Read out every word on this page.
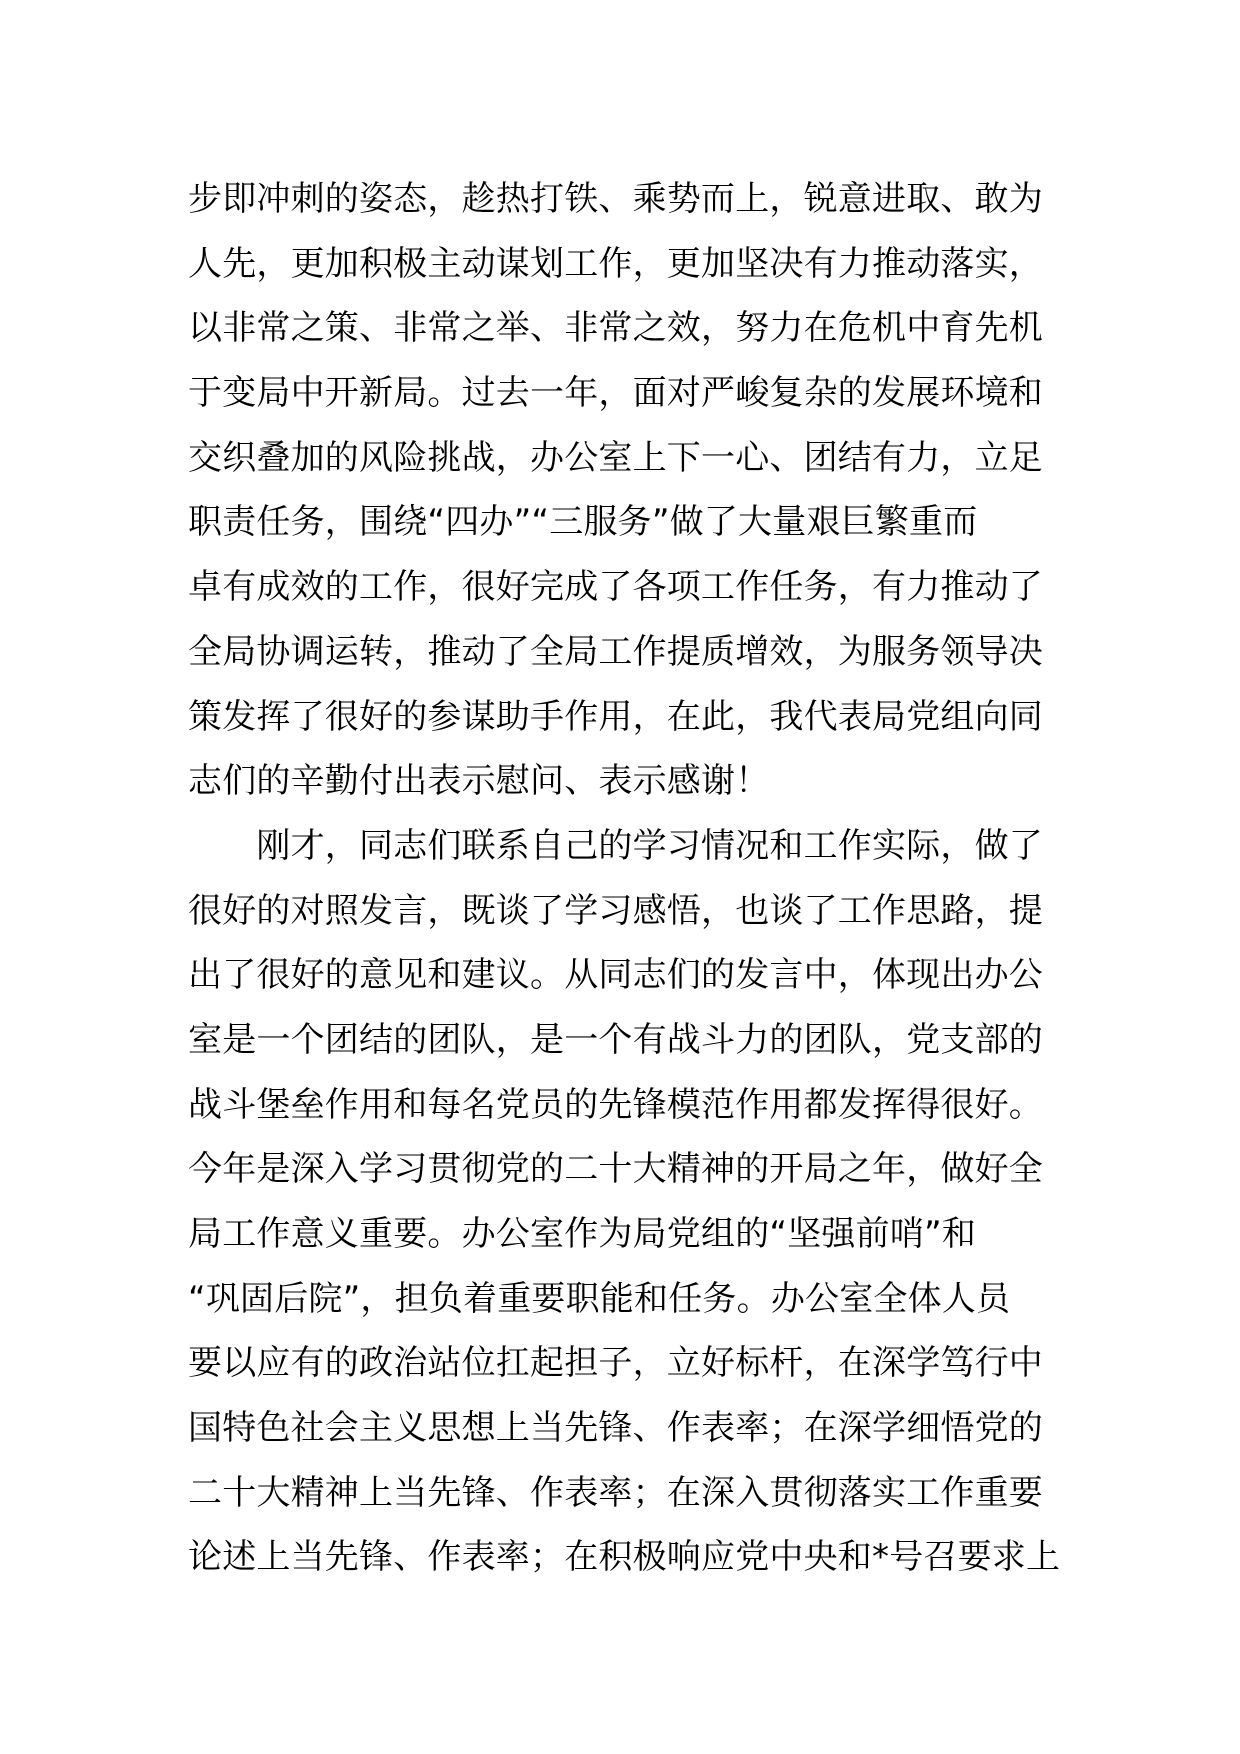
步即冲刺的姿态，趁热打铁、乘势而上，锐意进取、敢为
人先，更加积极主动谋划工作，更加坚决有力推动落实，
以非常之策、非常之举、非常之效，努力在危机中育先机
于变局中开新局。过去一年，面对严峻复杂的发展环境和
交织叠加的风险挑战，办公室上下一心、团结有力，立足
职责任务，围绕“四办”“三服务”做了大量艰巨繁重而
卓有成效的工作，很好完成了各项工作任务，有力推动了
全局协调运转，推动了全局工作提质增效，为服务领导决
策发挥了很好的参谋助手作用，在此，我代表局党组向同
志们的辛勤付出表示慰问、表示感谢！
　　刚才，同志们联系自己的学习情况和工作实际，做了
很好的对照发言，既谈了学习感悟，也谈了工作思路，提
出了很好的意见和建议。从同志们的发言中，体现出办公
室是一个团结的团队，是一个有战斗力的团队，党支部的
战斗堡垒作用和每名党员的先锋模范作用都发挥得很好。
今年是深入学习贯彻党的二十大精神的开局之年，做好全
局工作意义重要。办公室作为局党组的“坚强前哨”和
“巩固后院”，担负着重要职能和任务。办公室全体人员
要以应有的政治站位扛起担子，立好标杆，在深学笃行中
国特色社会主义思想上当先锋、作表率；在深学细悟党的
二十大精神上当先锋、作表率；在深入贯彻落实工作重要
论述上当先锋、作表率；在积极响应党中央和*号召要求上
